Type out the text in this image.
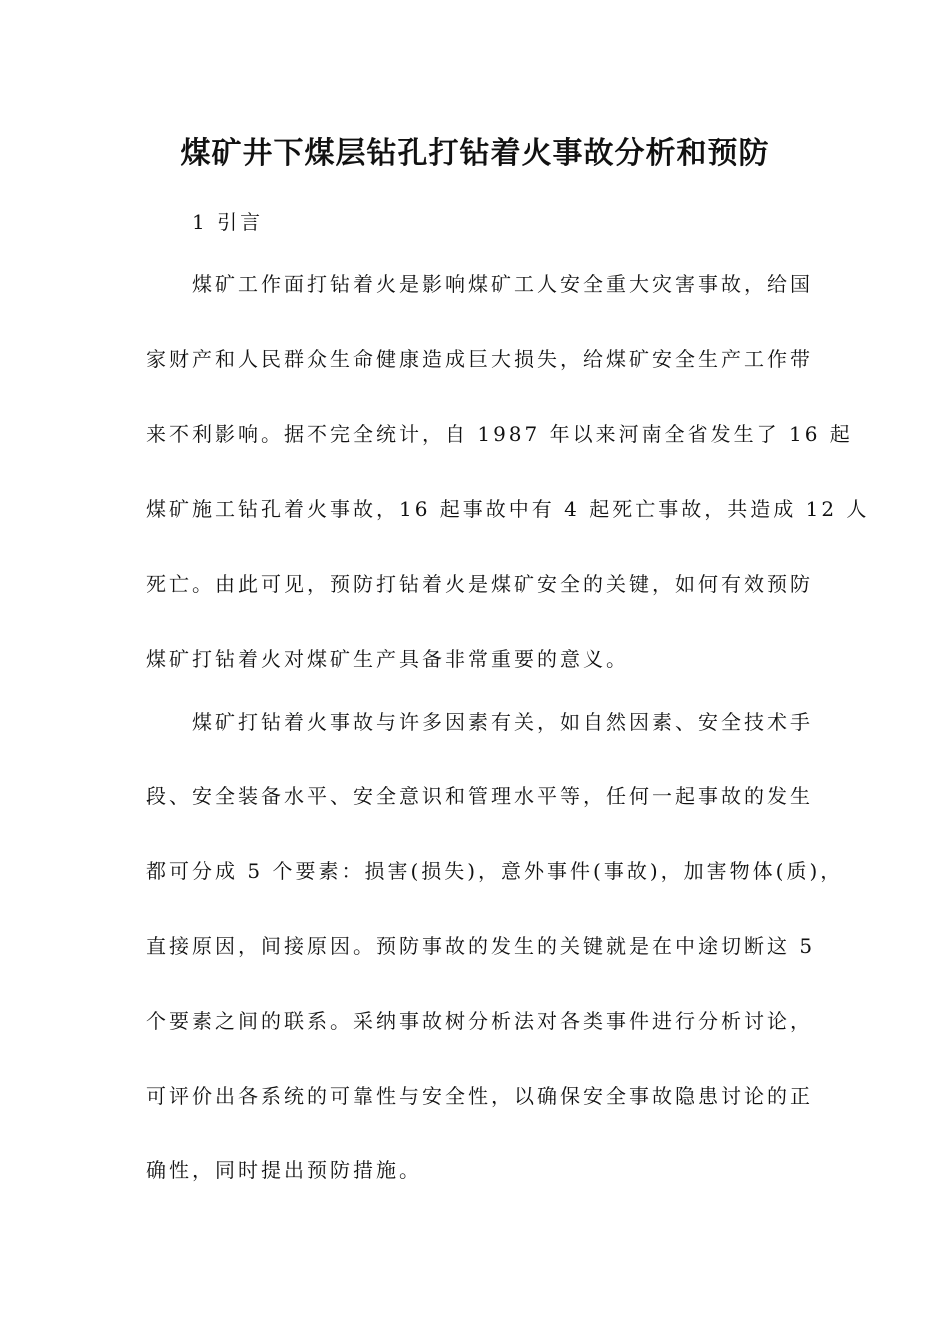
煤矿井下煤层钻孔打钻着火事故分析和预防

1 引言

煤矿工作面打钻着火是影响煤矿工人安全重大灾害事故，给国

家财产和人民群众生命健康造成巨大损失，给煤矿安全生产工作带

来不利影响。据不完全统计，自 1987 年以来河南全省发生了 16 起

煤矿施工钻孔着火事故，16 起事故中有 4 起死亡事故，共造成 12 人

死亡。由此可见，预防打钻着火是煤矿安全的关键，如何有效预防

煤矿打钻着火对煤矿生产具备非常重要的意义。

煤矿打钻着火事故与许多因素有关，如自然因素、安全技术手

段、安全装备水平、安全意识和管理水平等，任何一起事故的发生

都可分成 5 个要素：损害(损失)，意外事件(事故)，加害物体(质)，

直接原因，间接原因。预防事故的发生的关键就是在中途切断这 5

个要素之间的联系。采纳事故树分析法对各类事件进行分析讨论，

可评价出各系统的可靠性与安全性，以确保安全事故隐患讨论的正

确性，同时提出预防措施。
